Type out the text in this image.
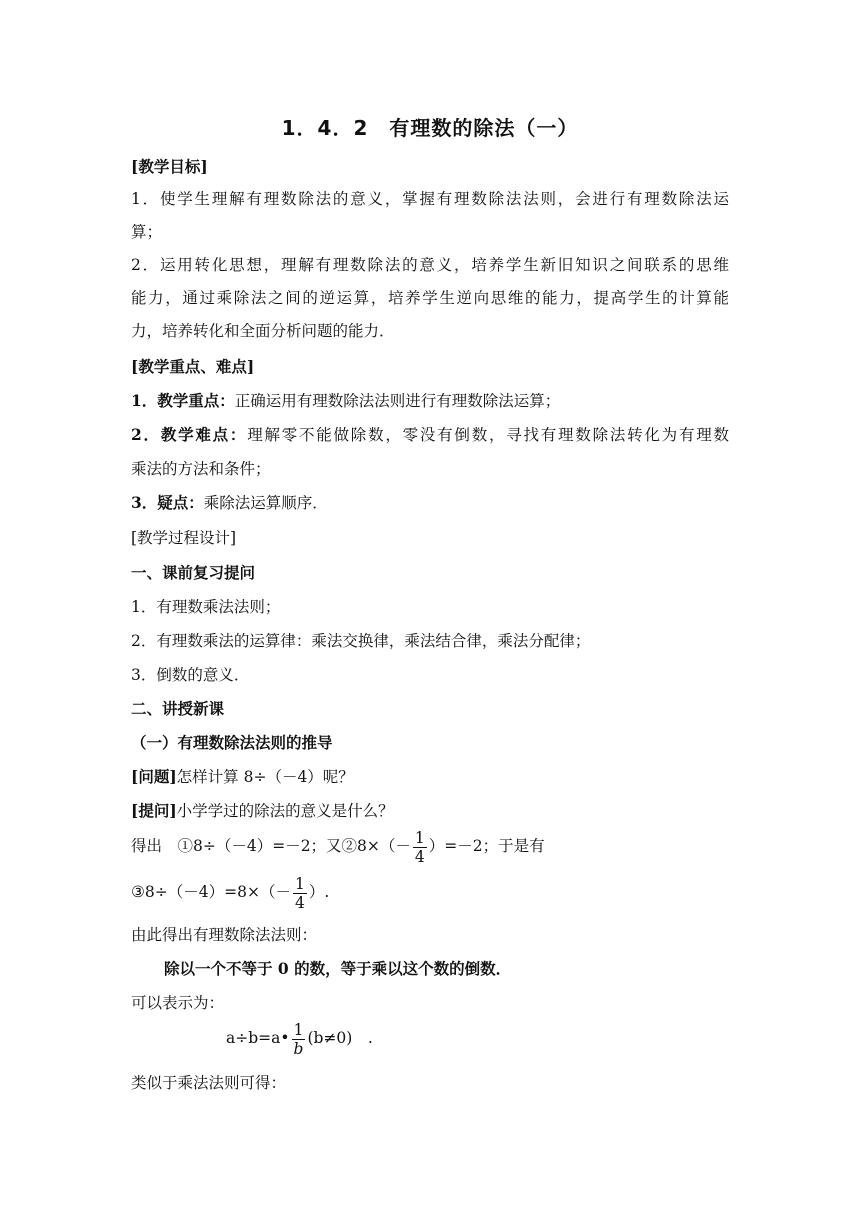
1．4．2　有理数的除法（一）
[教学目标]
1．使学生理解有理数除法的意义，掌握有理数除法法则，会进行有理数除法运
算；
2．运用转化思想，理解有理数除法的意义，培养学生新旧知识之间联系的思维
能力，通过乘除法之间的逆运算，培养学生逆向思维的能力，提高学生的计算能
力，培养转化和全面分析问题的能力．
[教学重点、难点]
1．教学重点：正确运用有理数除法法则进行有理数除法运算；
2．教学难点：理解零不能做除数，零没有倒数，寻找有理数除法转化为有理数
乘法的方法和条件；
3．疑点：乘除法运算顺序．
[教学过程设计]
一、课前复习提问
1．有理数乘法法则；
2．有理数乘法的运算律：乘法交换律，乘法结合律，乘法分配律；
3．倒数的意义．
二、讲授新课
（一）有理数除法法则的推导
[问题]怎样计算 8÷（－4）呢？
[提问]小学学过的除法的意义是什么？
得出　①8÷（－4）=－2；又②8×（－ $\frac{1}{4} )=-2$；于是有
③8÷（－4）=8×（－ $\frac{1}{4}$ ）.
由此得出有理数除法法则：
除以一个不等于 0 的数，等于乘以这个数的倒数．
可以表示为：
a÷b=a• $\frac{1}{b} (b\ne 0)$　.
类似于乘法法则可得：
